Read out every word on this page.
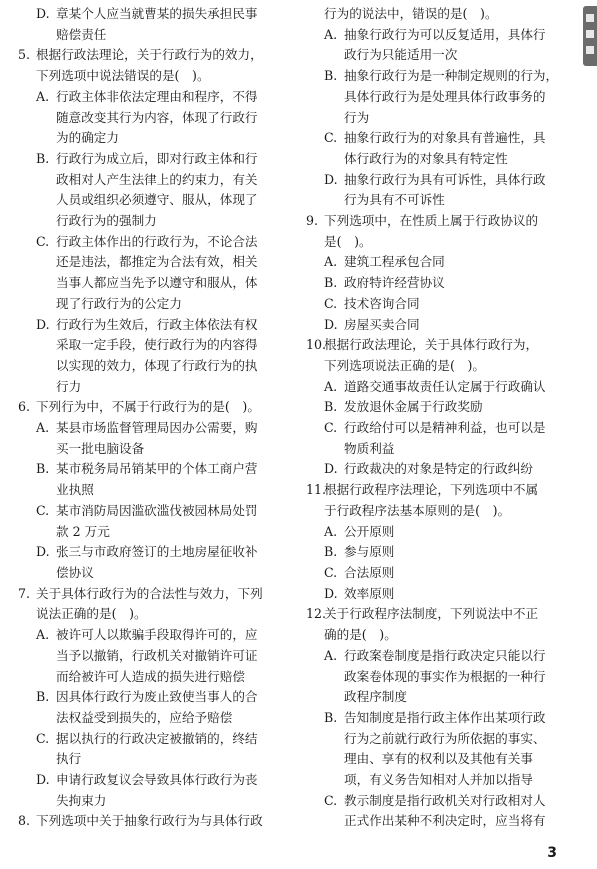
D. 章某个人应当就曹某的损失承担民事
赔偿责任
5. 根据行政法理论，关于行政行为的效力，
下列选项中说法错误的是(　)。
A. 行政主体非依法定理由和程序，不得
随意改变其行为内容，体现了行政行
为的确定力
B. 行政行为成立后，即对行政主体和行
政相对人产生法律上的约束力，有关
人员或组织必须遵守、服从，体现了
行政行为的强制力
C. 行政主体作出的行政行为，不论合法
还是违法，都推定为合法有效，相关
当事人都应当先予以遵守和服从，体
现了行政行为的公定力
D. 行政行为生效后，行政主体依法有权
采取一定手段，使行政行为的内容得
以实现的效力，体现了行政行为的执
行力
6. 下列行为中，不属于行政行为的是(　)。
A. 某县市场监督管理局因办公需要，购
买一批电脑设备
B. 某市税务局吊销某甲的个体工商户营
业执照
C. 某市消防局因滥砍滥伐被园林局处罚
款 2 万元
D. 张三与市政府签订的土地房屋征收补
偿协议
7. 关于具体行政行为的合法性与效力，下列
说法正确的是(　)。
A. 被许可人以欺骗手段取得许可的，应
当予以撤销，行政机关对撤销许可证
而给被许可人造成的损失进行赔偿
B. 因具体行政行为废止致使当事人的合
法权益受到损失的，应给予赔偿
C. 据以执行的行政决定被撤销的，终结
执行
D. 申请行政复议会导致具体行政行为丧
失拘束力
8. 下列选项中关于抽象行政行为与具体行政
行为的说法中，错误的是(　)。
A. 抽象行政行为可以反复适用，具体行
政行为只能适用一次
B. 抽象行政行为是一种制定规则的行为，
具体行政行为是处理具体行政事务的
行为
C. 抽象行政行为的对象具有普遍性，具
体行政行为的对象具有特定性
D. 抽象行政行为具有可诉性，具体行政
行为具有不可诉性
9. 下列选项中，在性质上属于行政协议的
是(　)。
A. 建筑工程承包合同
B. 政府特许经营协议
C. 技术咨询合同
D. 房屋买卖合同
10.
根据行政法理论，关于具体行政行为，
下列选项说法正确的是(　)。
A. 道路交通事故责任认定属于行政确认
B. 发放退休金属于行政奖励
C. 行政给付可以是精神利益，也可以是
物质利益
D. 行政裁决的对象是特定的行政纠纷
11.
根据行政程序法理论，下列选项中不属
于行政程序法基本原则的是(　)。
A. 公开原则
B. 参与原则
C. 合法原则
D. 效率原则
12.
关于行政程序法制度，下列说法中不正
确的是(　)。
A. 行政案卷制度是指行政决定只能以行
政案卷体现的事实作为根据的一种行
政程序制度
B. 告知制度是指行政主体作出某项行政
行为之前就行政行为所依据的事实、
理由、享有的权利以及其他有关事
项，有义务告知相对人并加以指导
C. 教示制度是指行政机关对行政相对人
正式作出某种不利决定时，应当将有
3
